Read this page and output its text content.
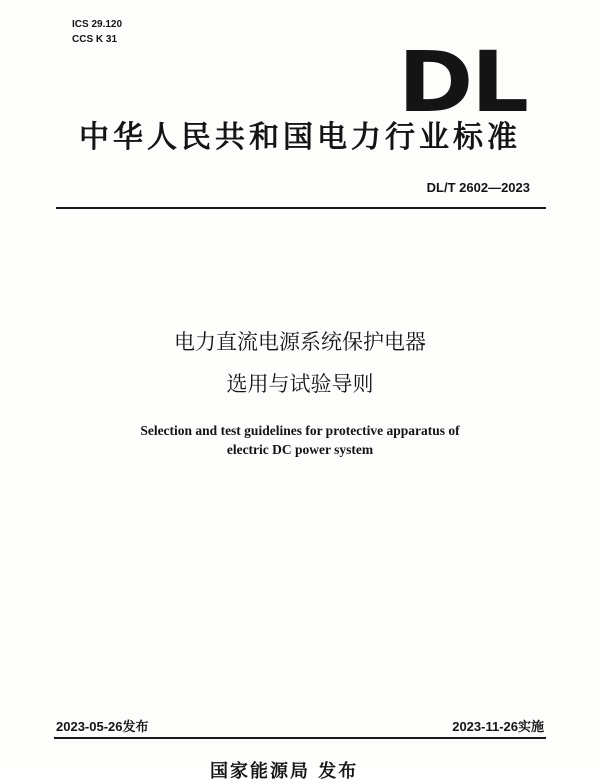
ICS 29.120
CCS K 31	DL
中华人民共和国电力行业标准
DL/T 2602—2023
电力直流电源系统保护电器
选用与试验导则
Selection and test guidelines for protective apparatus of
electric DC power system
2023-05-26发布	2023-11-26实施
国家能源局 发布
